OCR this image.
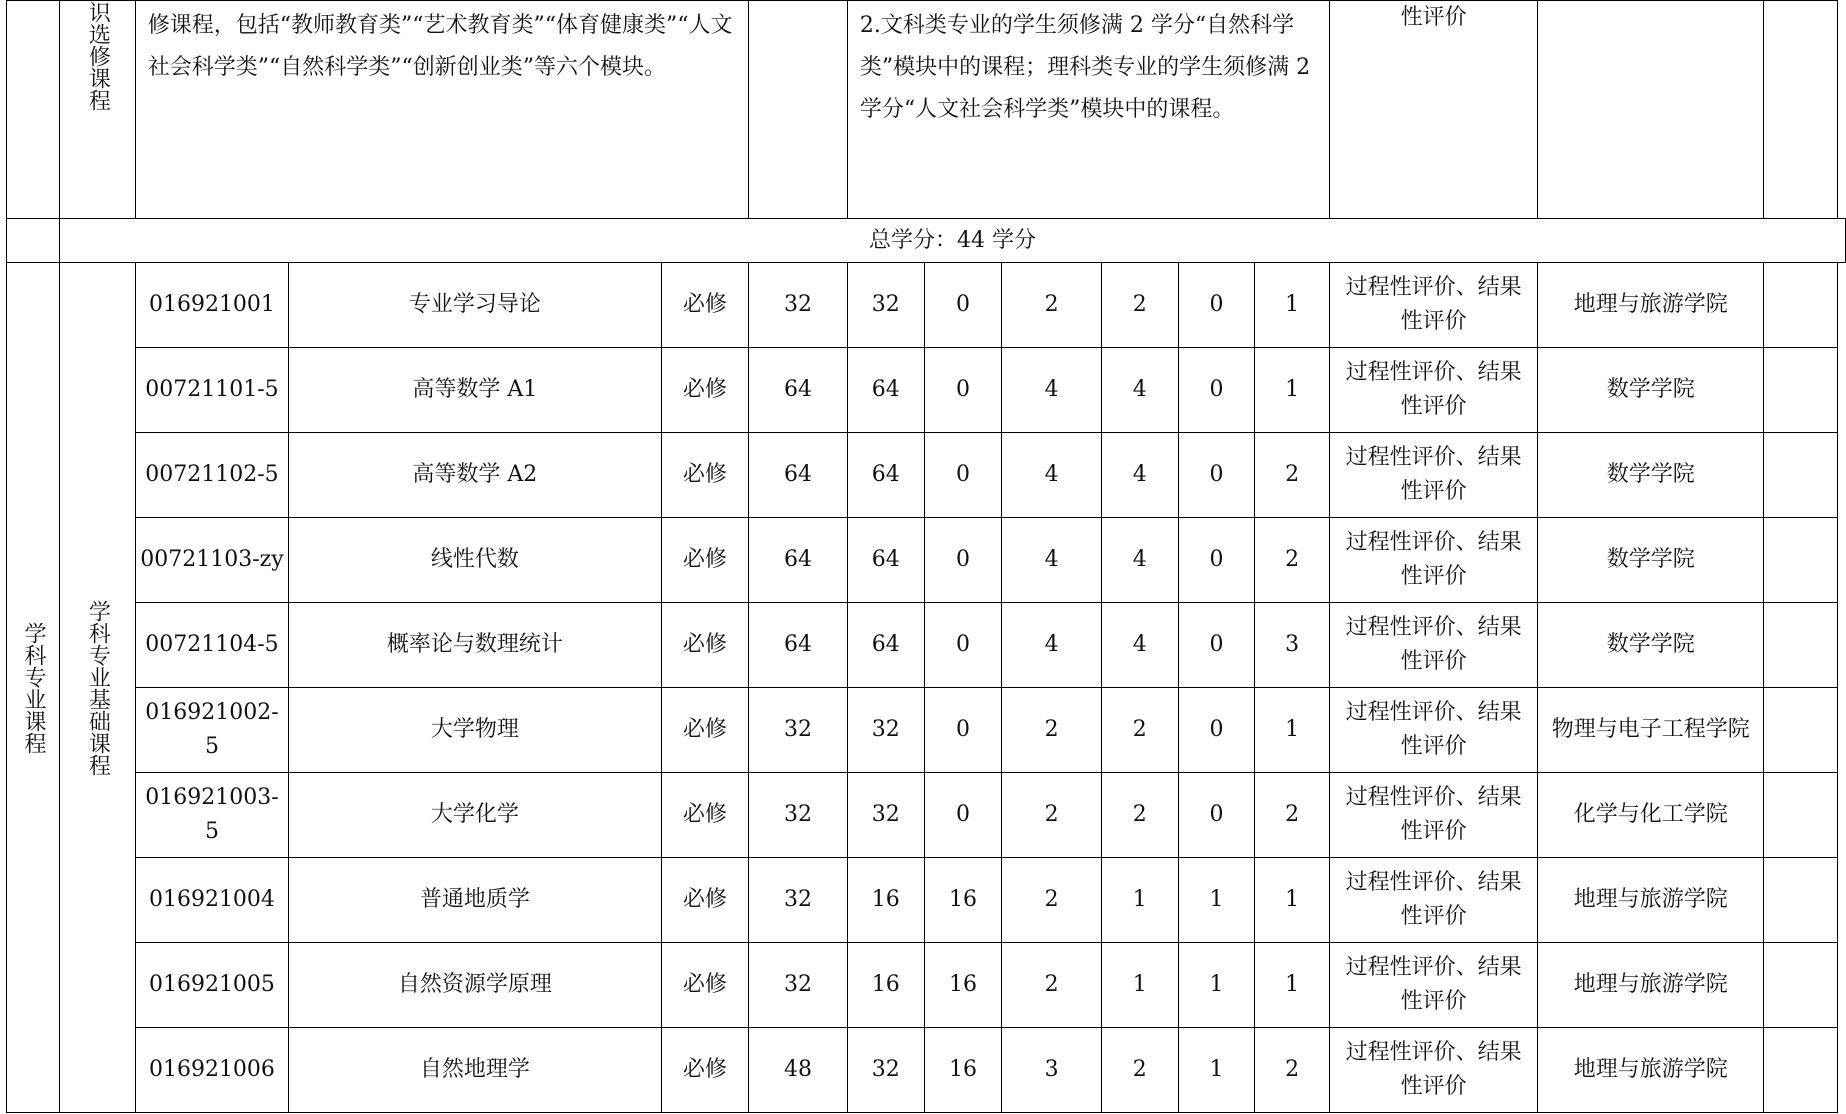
	识选修课程	修课程，包括“教师教育类”“艺术教育类”“体育健康类”“人文社会科学类”“自然科学类”“创新创业类”等六个模块。				2.文科类专业的学生须修满 2 学分“自然科学类”模块中的课程；理科类专业的学生须修满 2 学分“人文社会科学类”模块中的课程。						性评价			
	总学分：44 学分														

学科专业课程	学科专业基础课程	016921001	专业学习导论	必修	32	32	0	2	2	0	1	过程性评价、结果性评价	地理与旅游学院		
		00721101-5	高等数学 A1	必修	64	64	0	4	4	0	1	过程性评价、结果性评价	数学学院		
		00721102-5	高等数学 A2	必修	64	64	0	4	4	0	2	过程性评价、结果性评价	数学学院		
		00721103-zy	线性代数	必修	64	64	0	4	4	0	2	过程性评价、结果性评价	数学学院		
		00721104-5	概率论与数理统计	必修	64	64	0	4	4	0	3	过程性评价、结果性评价	数学学院		
		016921002-5	大学物理	必修	32	32	0	2	2	0	1	过程性评价、结果性评价	物理与电子工程学院		
		016921003-5	大学化学	必修	32	32	0	2	2	0	2	过程性评价、结果性评价	化学与化工学院		
		016921004	普通地质学	必修	32	16	16	2	1	1	1	过程性评价、结果性评价	地理与旅游学院		
		016921005	自然资源学原理	必修	32	16	16	2	1	1	1	过程性评价、结果性评价	地理与旅游学院		
		016921006	自然地理学	必修	48	32	16	3	2	1	2	过程性评价、结果性评价	地理与旅游学院		
